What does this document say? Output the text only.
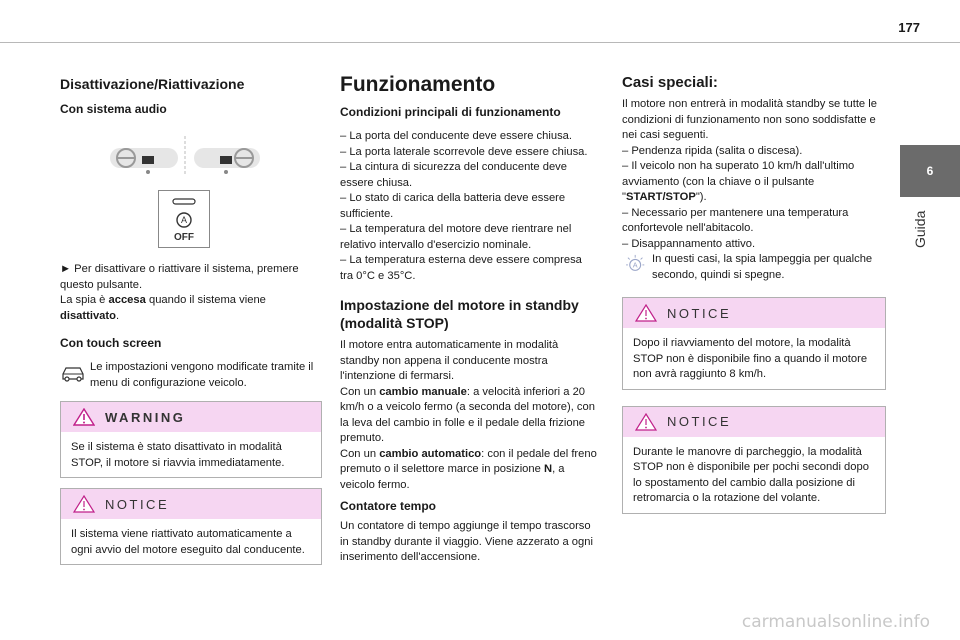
177
6
Guida
Disattivazione/Riattivazione
Con sistema audio
A
OFF

► Per disattivare o riattivare il sistema, premere questo pulsante.

La spia è accesa quando il sistema viene disattivato.

Con touch screen

Le impostazioni vengono modificate tramite il menu di configurazione veicolo.

WARNING
Se il sistema è stato disattivato in modalità STOP, il motore si riavvia immediatamente.
NOTICE
Il sistema viene riattivato automaticamente a ogni avvio del motore eseguito dal conducente.
Funzionamento
Condizioni principali di funzionamento
– La porta del conducente deve essere chiusa.
– La porta laterale scorrevole deve essere chiusa.
– La cintura di sicurezza del conducente deve essere chiusa.
– Lo stato di carica della batteria deve essere sufficiente.
– La temperatura del motore deve rientrare nel relativo intervallo d'esercizio nominale.
– La temperatura esterna deve essere compresa tra 0°C e 35°C.
Impostazione del motore in standby (modalità STOP)

Il motore entra automaticamente in modalità standby non appena il conducente mostra l'intenzione di fermarsi.

Con un cambio manuale: a velocità inferiori a 20 km/h o a veicolo fermo (a seconda del motore), con la leva del cambio in folle e il pedale della frizione premuto.

Con un cambio automatico: con il pedale del freno premuto o il selettore marce in posizione N, a veicolo fermo.

Contatore tempo

Un contatore di tempo aggiunge il tempo trascorso in standby durante il viaggio. Viene azzerato a ogni inserimento dell'accensione.

Casi speciali:

Il motore non entrerà in modalità standby se tutte le condizioni di funzionamento non sono soddisfatte e nei casi seguenti.

– Pendenza ripida (salita o discesa).
– Il veicolo non ha superato 10 km/h dall'ultimo avviamento (con la chiave o il pulsante "START/STOP").
– Necessario per mantenere una temperatura confortevole nell'abitacolo.
– Disappannamento attivo.
A

In questi casi, la spia lampeggia per qualche secondo, quindi si spegne.

NOTICE
Dopo il riavviamento del motore, la modalità STOP non è disponibile fino a quando il motore non avrà raggiunto 8 km/h.
NOTICE
Durante le manovre di parcheggio, la modalità STOP non è disponibile per pochi secondi dopo lo spostamento del cambio dalla posizione di retromarcia o la rotazione del volante.
carmanualsonline.info
